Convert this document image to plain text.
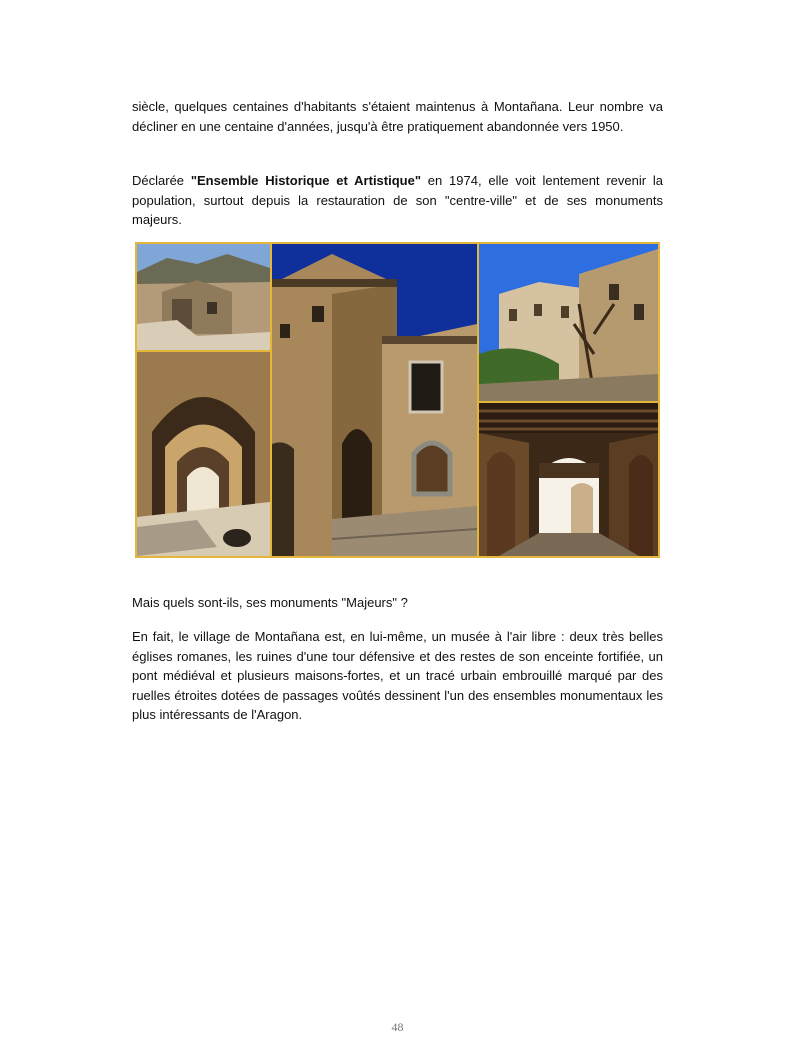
siècle, quelques centaines d'habitants s'étaient maintenus à Montañana. Leur nombre va décliner en une centaine d'années, jusqu'à être pratiquement abandonnée vers 1950.

Déclarée "Ensemble Historique et Artistique" en 1974, elle voit lentement revenir la population, surtout depuis la restauration de son "centre-ville" et de ses monuments majeurs.

Mais quels sont-ils, ses monuments "Majeurs" ?

En fait, le village de Montañana est, en lui-même, un musée à l'air libre : deux très belles églises romanes, les ruines d'une tour défensive et des restes de son enceinte fortifiée, un pont médiéval et plusieurs maisons-fortes, et un tracé urbain embrouillé marqué par des ruelles étroites dotées de passages voûtés dessinent l'un des ensembles monumentaux les plus intéressants de l'Aragon.

48
